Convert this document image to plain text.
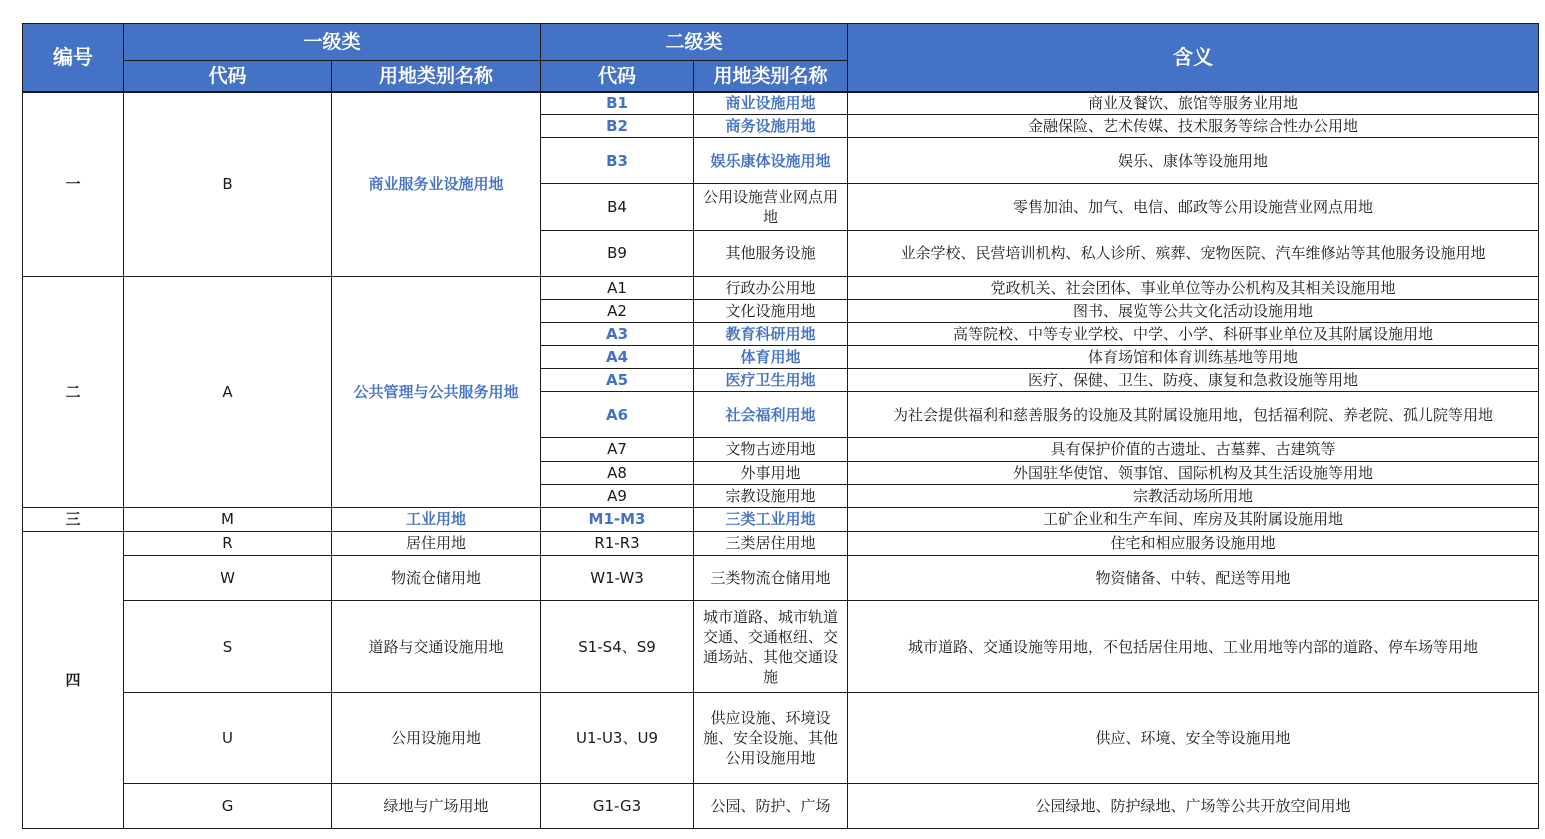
编号	一级类		二级类		含义
	代码	用地类别名称	代码	用地类别名称	
一	B	商业服务业设施用地	B1	商业设施用地	商业及餐饮、旅馆等服务业用地
			B2	商务设施用地	金融保险、艺术传媒、技术服务等综合性办公用地
			B3	娱乐康体设施用地	娱乐、康体等设施用地
			B4	公用设施营业网点用地	零售加油、加气、电信、邮政等公用设施营业网点用地
			B9	其他服务设施	业余学校、民营培训机构、私人诊所、殡葬、宠物医院、汽车维修站等其他服务设施用地
二	A	公共管理与公共服务用地	A1	行政办公用地	党政机关、社会团体、事业单位等办公机构及其相关设施用地
			A2	文化设施用地	图书、展览等公共文化活动设施用地
			A3	教育科研用地	高等院校、中等专业学校、中学、小学、科研事业单位及其附属设施用地
			A4	体育用地	体育场馆和体育训练基地等用地
			A5	医疗卫生用地	医疗、保健、卫生、防疫、康复和急救设施等用地
			A6	社会福利用地	为社会提供福利和慈善服务的设施及其附属设施用地，包括福利院、养老院、孤儿院等用地
			A7	文物古迹用地	具有保护价值的古遗址、古墓葬、古建筑等
			A8	外事用地	外国驻华使馆、领事馆、国际机构及其生活设施等用地
			A9	宗教设施用地	宗教活动场所用地
三	M	工业用地	M1-M3	三类工业用地	工矿企业和生产车间、库房及其附属设施用地
四	R	居住用地	R1-R3	三类居住用地	住宅和相应服务设施用地
	W	物流仓储用地	W1-W3	三类物流仓储用地	物资储备、中转、配送等用地
	S	道路与交通设施用地	S1-S4、S9	城市道路、城市轨道交通、交通枢纽、交通场站、其他交通设施	城市道路、交通设施等用地，不包括居住用地、工业用地等内部的道路、停车场等用地
	U	公用设施用地	U1-U3、U9	供应设施、环境设施、安全设施、其他公用设施用地	供应、环境、安全等设施用地
	G	绿地与广场用地	G1-G3	公园、防护、广场	公园绿地、防护绿地、广场等公共开放空间用地
